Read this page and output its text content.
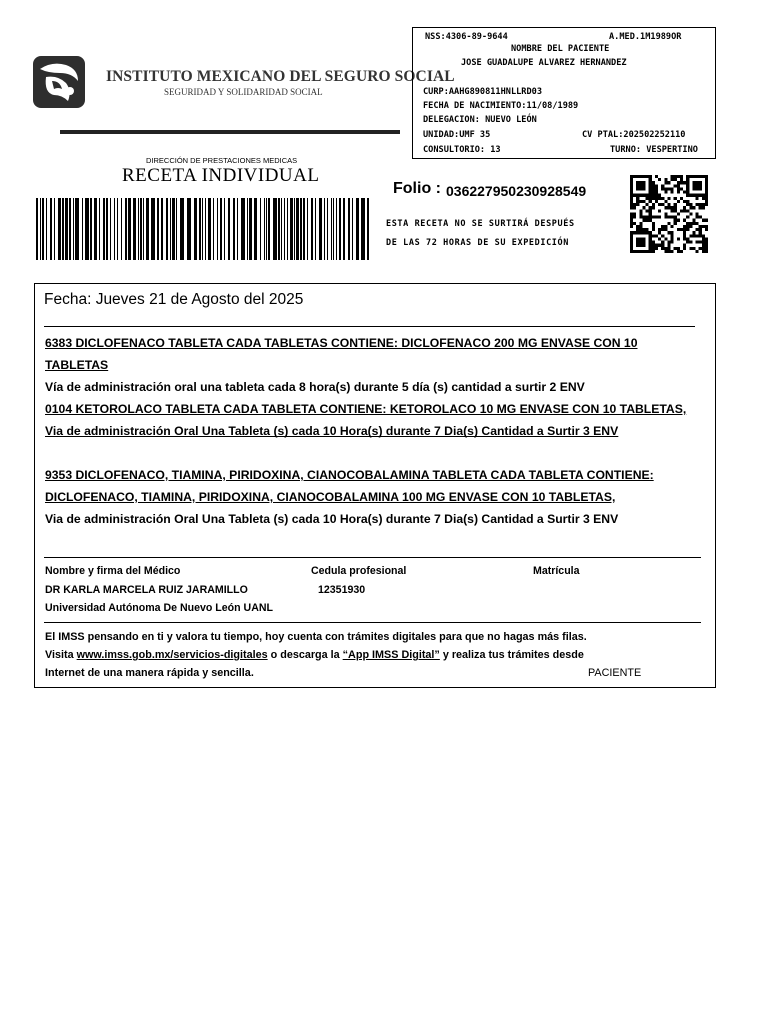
INSTITUTO MEXICANO DEL SEGURO SOCIAL
SEGURIDAD Y SOLIDARIDAD SOCIAL
DIRECCIÓN DE PRESTACIONES MEDICAS
RECETA INDIVIDUAL
NSS:4306-89-9644	A.MED.1M1989OR
NOMBRE DEL PACIENTE
JOSE GUADALUPE ALVAREZ HERNANDEZ
CURP:AAHG890811HNLLRD03
FECHA DE NACIMIENTO:11/08/1989
DELEGACION: NUEVO LEÓN
UNIDAD:UMF 35	CV PTAL:202502252110
CONSULTORIO: 13	TURNO: VESPERTINO
Folio : 036227950230928549
ESTA RECETA NO SE SURTIRÁ DESPUÉS
DE LAS 72 HORAS DE SU EXPEDICIÓN
Fecha: Jueves 21 de Agosto del 2025
6383 DICLOFENACO TABLETA CADA TABLETAS CONTIENE: DICLOFENACO 200 MG ENVASE CON 10
TABLETAS
Vía de administración oral una tableta cada 8 hora(s) durante 5 día (s) cantidad a surtir 2 ENV
0104 KETOROLACO TABLETA CADA TABLETA CONTIENE: KETOROLACO 10 MG ENVASE CON 10 TABLETAS,
Via de administración Oral Una Tableta (s) cada 10 Hora(s) durante 7 Dia(s) Cantidad a Surtir 3 ENV
9353 DICLOFENACO, TIAMINA, PIRIDOXINA, CIANOCOBALAMINA TABLETA CADA TABLETA CONTIENE:
DICLOFENACO, TIAMINA, PIRIDOXINA, CIANOCOBALAMINA 100 MG ENVASE CON 10 TABLETAS,
Via de administración Oral Una Tableta (s) cada 10 Hora(s) durante 7 Dia(s) Cantidad a Surtir 3 ENV
Nombre y firma del Médico	Cedula profesional	Matrícula
DR KARLA MARCELA RUIZ JARAMILLO	12351930
Universidad Autónoma De Nuevo León UANL
El IMSS pensando en ti y valora tu tiempo, hoy cuenta con trámites digitales para que no hagas más filas.
Visita www.imss.gob.mx/servicios-digitales o descarga la “App IMSS Digital” y realiza tus trámites desde
Internet de una manera rápida y sencilla.	PACIENTE
